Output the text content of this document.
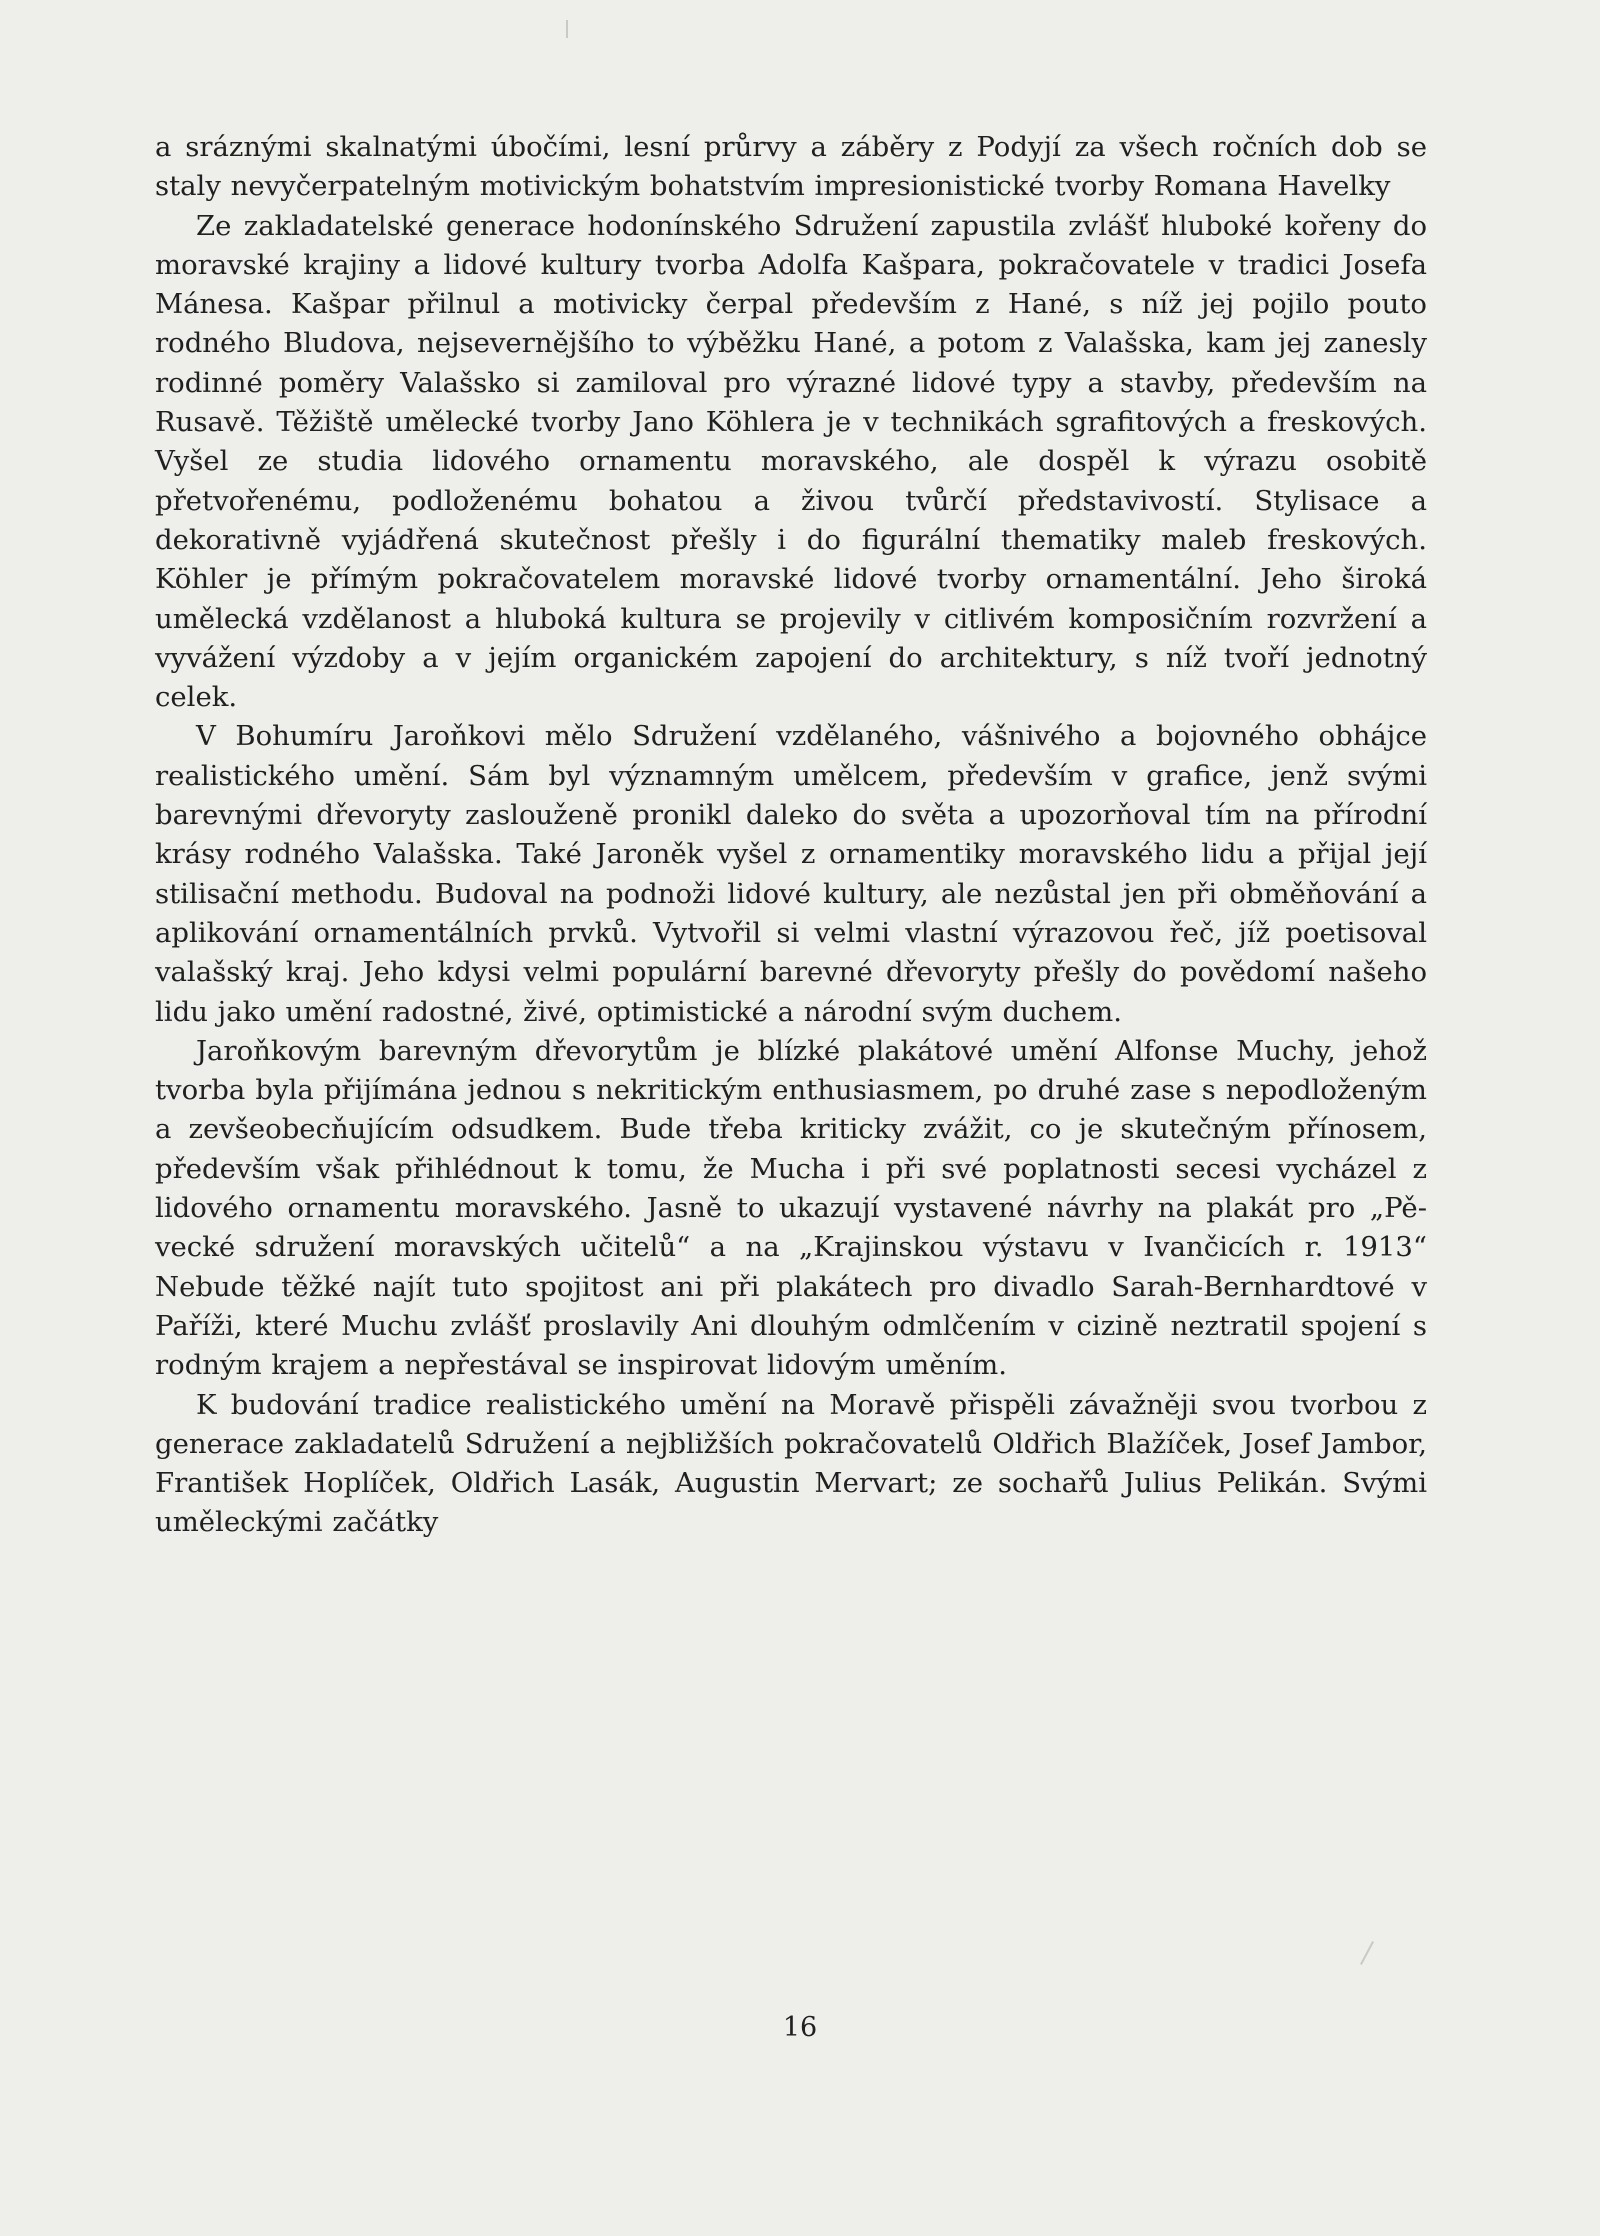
a sráznými skalnatými úbočími, lesní průrvy a záběry z Podyjí za všech ročních dob se staly nevyčerpatelným motivickým bohatstvím impresionistické tvorby Romana Havelky

Ze zakladatelské generace hodonínského Sdružení zapustila zvlášť hluboké kořeny do moravské krajiny a lidové kultury tvorba Adolfa Kašpara, pokračovatele v tradici Josefa Mánesa. Kašpar přilnul a motivicky čerpal především z Hané, s níž jej pojilo pouto rodného Bludova, nejsevernějšího to výběžku Hané, a potom z Valašska, kam jej zanesly rodinné poměry Valašsko si zamiloval pro výrazné lidové typy a stavby, především na Rusavě. Těžiště umělecké tvorby Jano Köhlera je v technikách sgrafitových a freskových. Vyšel ze studia lidového ornamentu moravského, ale dospěl k výrazu osobitě přetvořenému, podloženému bohatou a živou tvůrčí představivostí. Stylisace a dekorativně vyjádřená skutečnost přešly i do figurální thematiky maleb freskových. Köhler je přímým pokračovatelem moravské lidové tvorby ornamentální. Jeho široká umělecká vzdělanost a hluboká kultura se projevily v citlivém komposičním rozvržení a vyvážení výzdoby a v jejím organickém zapojení do architektury, s níž tvoří jednotný celek.

V Bohumíru Jaroňkovi mělo Sdružení vzdělaného, vášnivého a bojovného obhájce realistického umění. Sám byl významným umělcem, především v grafice, jenž svými barevnými dřevoryty zaslouženě pronikl daleko do světa a upozorňoval tím na přírodní krásy rodného Valašska. Také Jaroněk vyšel z ornamentiky moravského lidu a přijal její stilisační methodu. Budoval na podnoži lidové kultury, ale nezůstal jen při obměňování a aplikování ornamentálních prvků. Vytvořil si velmi vlastní výrazovou řeč, jíž poetisoval valašský kraj. Jeho kdysi velmi populární barevné dřevoryty přešly do povědomí našeho lidu jako umění radostné, živé, optimistické a národní svým duchem.

Jaroňkovým barevným dřevorytům je blízké plakátové umění Alfonse Muchy, jehož tvorba byla přijímána jednou s nekritickým enthusiasmem, po druhé zase s nepodloženým a zevšeobecňujícím odsudkem. Bude třeba kriticky zvážit, co je skutečným přínosem, především však přihlédnout k tomu, že Mucha i při své poplatnosti secesi vycházel z lidového ornamentu moravského. Jasně to ukazují vystavené návrhy na plakát pro „Pěvecké sdružení moravských učitelů“ a na „Krajinskou výstavu v Ivančicích r. 1913“ Nebude těžké najít tuto spojitost ani při plakátech pro divadlo Sarah-Bernhardtové v Paříži, které Muchu zvlášť proslavily Ani dlouhým odmlčením v cizině neztratil spojení s rodným krajem a nepřestával se inspirovat lidovým uměním.

K budování tradice realistického umění na Moravě přispěli závažněji svou tvorbou z generace zakladatelů Sdružení a nejbližších pokračovatelů Oldřich Blažíček, Josef Jambor, František Hoplíček, Oldřich Lasák, Augustin Mervart; ze sochařů Julius Pelikán. Svými uměleckými začátky

16
